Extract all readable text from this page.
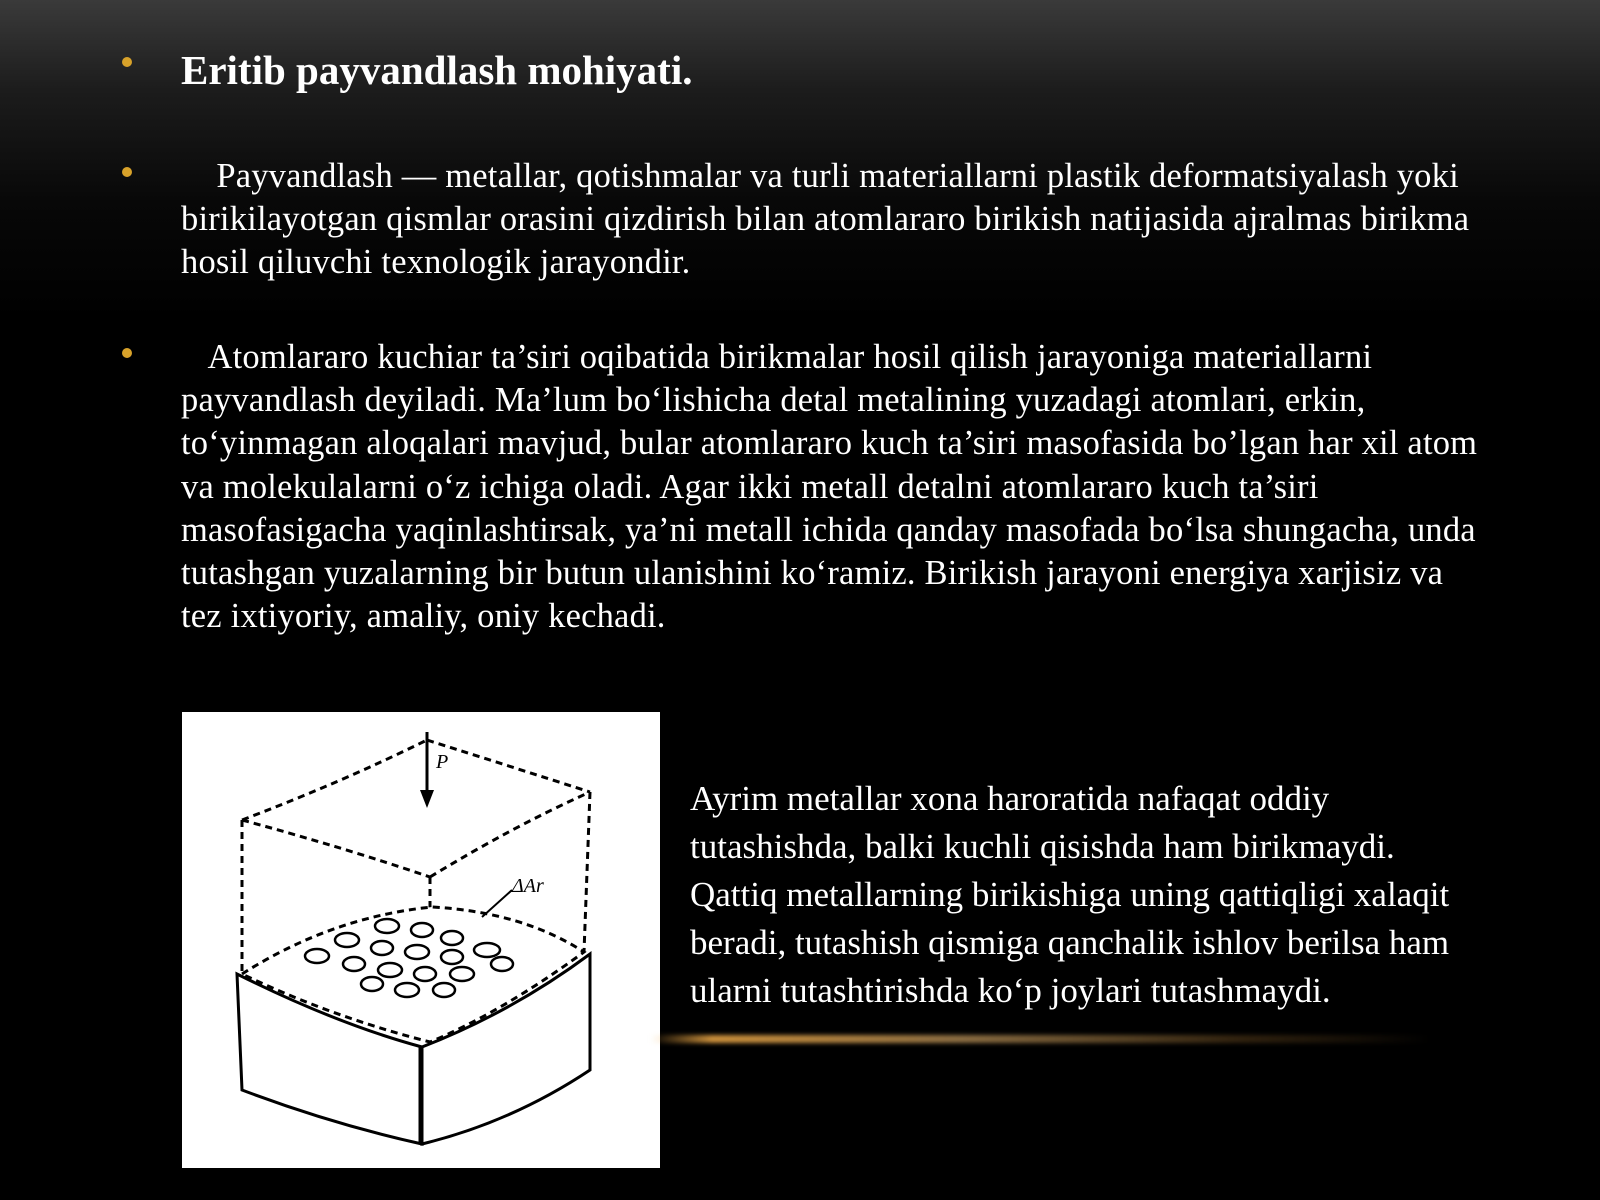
Eritib payvandlash mohiyati.
Payvandlash — metallar, qotishmalar va turli materiallarni plastik deformatsiyalash yoki birikilayotgan qismlar orasini qizdirish bilan atomlararo birikish natijasida ajralmas birikma hosil qiluvchi texnologik jarayondir.
Atomlararo kuchiar ta’siri oqibatida birikmalar hosil qilish jarayoniga materiallarni payvandlash deyiladi. Ma’lum bo‘lishicha detal metalining yuzadagi atomlari, erkin, to‘yinmagan aloqalari mavjud, bular atomlararo kuch ta’siri masofasida bo’lgan har xil atom va molekulalarni o‘z ichiga oladi. Agar ikki metall detalni atomlararo kuch ta’siri masofasigacha yaqinlashtirsak, ya’ni metall ichida qanday masofada bo‘lsa shungacha, unda tutashgan yuzalarning bir butun ulanishini ko‘ramiz. Birikish jarayoni energiya xarjisiz va tez ixtiyoriy, amaliy, oniy kechadi.
P
ΔAr
Ayrim metallar xona haroratida nafaqat oddiy tutashishda, balki kuchli qisishda ham birikmaydi. Qattiq metallarning birikishiga uning qattiqligi xalaqit beradi, tutashish qismiga qanchalik ishlov berilsa ham ularni tutashtirishda ko‘p joylari tutashmaydi.
